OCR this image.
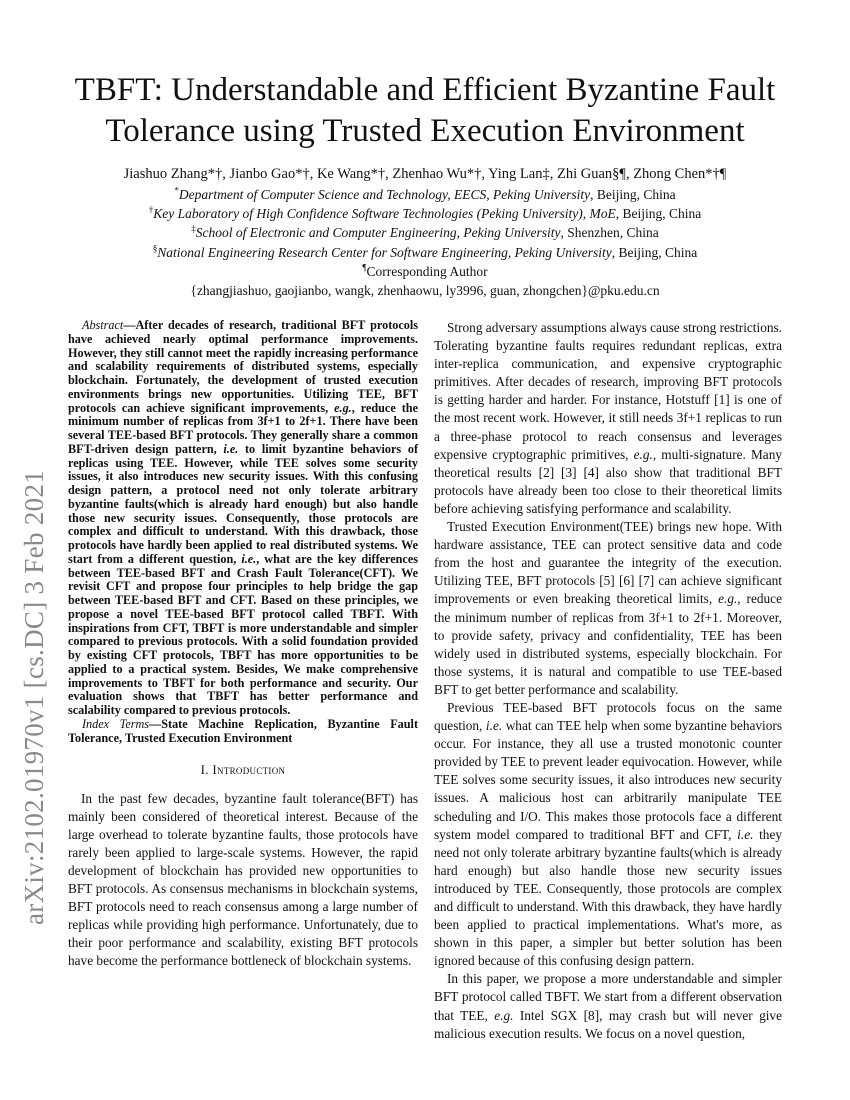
arXiv:2102.01970v1 [cs.DC] 3 Feb 2021
TBFT: Understandable and Efficient Byzantine Fault
Tolerance using Trusted Execution Environment
Jiashuo Zhang*†, Jianbo Gao*†, Ke Wang*†, Zhenhao Wu*†, Ying Lan‡, Zhi Guan§¶, Zhong Chen*†¶
*Department of Computer Science and Technology, EECS, Peking University, Beijing, China
†Key Laboratory of High Confidence Software Technologies (Peking University), MoE, Beijing, China
‡School of Electronic and Computer Engineering, Peking University, Shenzhen, China
§National Engineering Research Center for Software Engineering, Peking University, Beijing, China
¶Corresponding Author
{zhangjiashuo, gaojianbo, wangk, zhenhaowu, ly3996, guan, zhongchen}@pku.edu.cn

Abstract—After decades of research, traditional BFT protocols have achieved nearly optimal performance improvements. However, they still cannot meet the rapidly increasing performance and scalability requirements of distributed systems, especially blockchain. Fortunately, the development of trusted execution environments brings new opportunities. Utilizing TEE, BFT protocols can achieve significant improvements, e.g., reduce the minimum number of replicas from 3f+1 to 2f+1. There have been several TEE-based BFT protocols. They generally share a common BFT-driven design pattern, i.e. to limit byzantine behaviors of replicas using TEE. However, while TEE solves some security issues, it also introduces new security issues. With this confusing design pattern, a protocol need not only tolerate arbitrary byzantine faults(which is already hard enough) but also handle those new security issues. Consequently, those protocols are complex and difficult to understand. With this drawback, those protocols have hardly been applied to real distributed systems. We start from a different question, i.e., what are the key differences between TEE-based BFT and Crash Fault Tolerance(CFT). We revisit CFT and propose four principles to help bridge the gap between TEE-based BFT and CFT. Based on these principles, we propose a novel TEE-based BFT protocol called TBFT. With inspirations from CFT, TBFT is more understandable and simpler compared to previous protocols. With a solid foundation provided by existing CFT protocols, TBFT has more opportunities to be applied to a practical system. Besides, We make comprehensive improvements to TBFT for both performance and security. Our evaluation shows that TBFT has better performance and scalability compared to previous protocols.

Index Terms—State Machine Replication, Byzantine Fault Tolerance, Trusted Execution Environment

I. Introduction

In the past few decades, byzantine fault tolerance(BFT) has mainly been considered of theoretical interest. Because of the large overhead to tolerate byzantine faults, those protocols have rarely been applied to large-scale systems. However, the rapid development of blockchain has provided new opportunities to BFT protocols. As consensus mechanisms in blockchain systems, BFT protocols need to reach consensus among a large number of replicas while providing high performance. Unfortunately, due to their poor performance and scalability, existing BFT protocols have become the performance bottleneck of blockchain systems.

Strong adversary assumptions always cause strong restrictions. Tolerating byzantine faults requires redundant replicas, extra inter-replica communication, and expensive cryptographic primitives. After decades of research, improving BFT protocols is getting harder and harder. For instance, Hotstuff [1] is one of the most recent work. However, it still needs 3f+1 replicas to run a three-phase protocol to reach consensus and leverages expensive cryptographic primitives, e.g., multi-signature. Many theoretical results [2] [3] [4] also show that traditional BFT protocols have already been too close to their theoretical limits before achieving satisfying performance and scalability.

Trusted Execution Environment(TEE) brings new hope. With hardware assistance, TEE can protect sensitive data and code from the host and guarantee the integrity of the execution. Utilizing TEE, BFT protocols [5] [6] [7] can achieve significant improvements or even breaking theoretical limits, e.g., reduce the minimum number of replicas from 3f+1 to 2f+1. Moreover, to provide safety, privacy and confidentiality, TEE has been widely used in distributed systems, especially blockchain. For those systems, it is natural and compatible to use TEE-based BFT to get better performance and scalability.

Previous TEE-based BFT protocols focus on the same question, i.e. what can TEE help when some byzantine behaviors occur. For instance, they all use a trusted monotonic counter provided by TEE to prevent leader equivocation. However, while TEE solves some security issues, it also introduces new security issues. A malicious host can arbitrarily manipulate TEE scheduling and I/O. This makes those protocols face a different system model compared to traditional BFT and CFT, i.e. they need not only tolerate arbitrary byzantine faults(which is already hard enough) but also handle those new security issues introduced by TEE. Consequently, those protocols are complex and difficult to understand. With this drawback, they have hardly been applied to practical implementations. What's more, as shown in this paper, a simpler but better solution has been ignored because of this confusing design pattern.

In this paper, we propose a more understandable and simpler BFT protocol called TBFT. We start from a different observation that TEE, e.g. Intel SGX [8], may crash but will never give malicious execution results. We focus on a novel question,
